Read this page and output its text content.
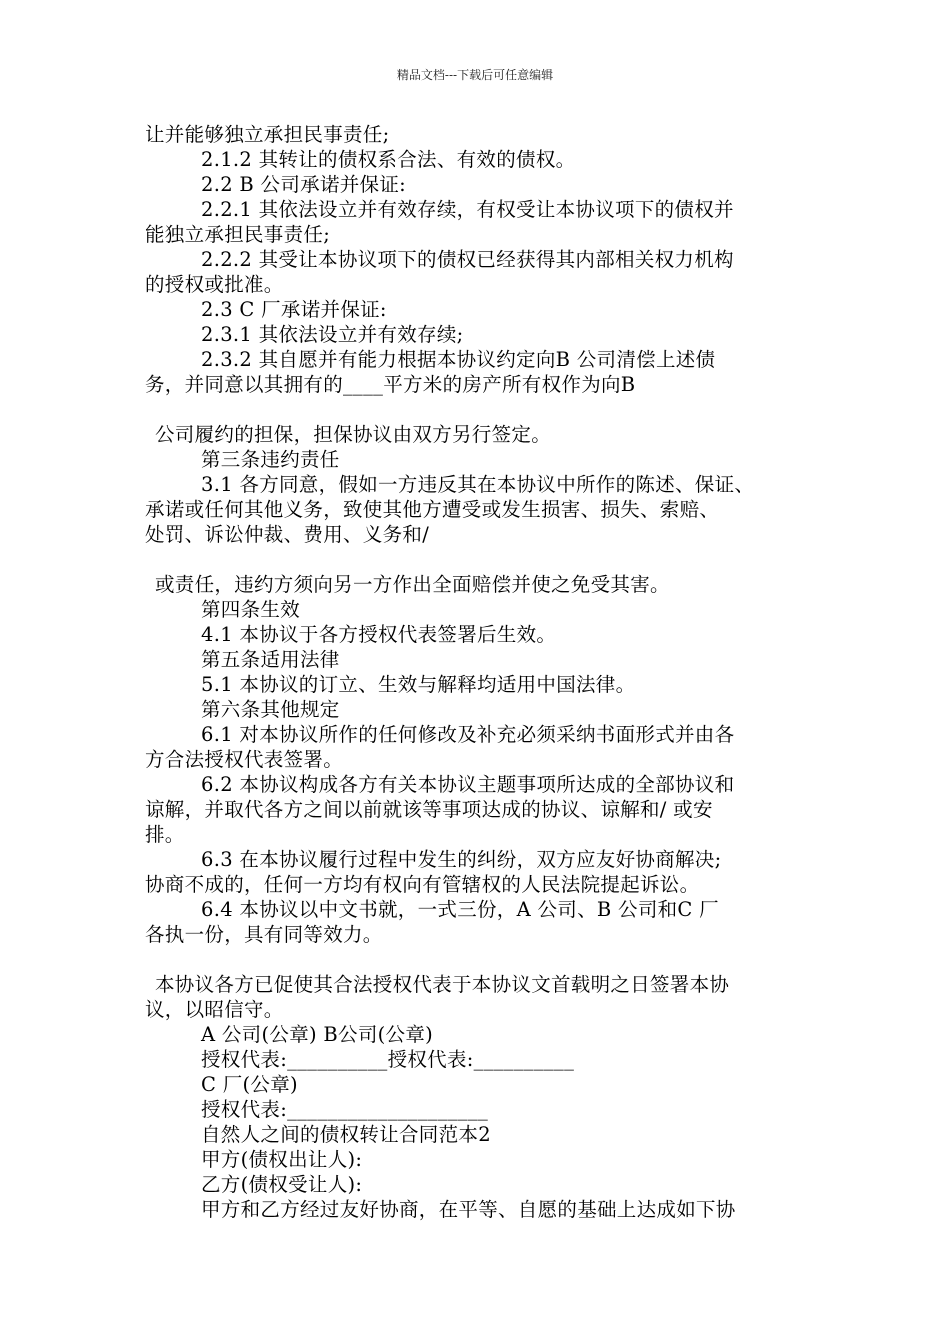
精品文档---下载后可任意编辑
让并能够独立承担民事责任;
2.1.2 其转让的债权系合法、有效的债权。
2.2 B 公司承诺并保证:
2.2.1 其依法设立并有效存续，有权受让本协议项下的债权并
能独立承担民事责任;
2.2.2 其受让本协议项下的债权已经获得其内部相关权力机构
的授权或批准。
2.3 C 厂承诺并保证:
2.3.1 其依法设立并有效存续;
2.3.2 其自愿并有能力根据本协议约定向B 公司清偿上述债
务，并同意以其拥有的____平方米的房产所有权作为向B
公司履约的担保，担保协议由双方另行签定。
第三条违约责任
3.1 各方同意，假如一方违反其在本协议中所作的陈述、保证、
承诺或任何其他义务，致使其他方遭受或发生损害、损失、索赔、
处罚、诉讼仲裁、费用、义务和/
或责任，违约方须向另一方作出全面赔偿并使之免受其害。
第四条生效
4.1 本协议于各方授权代表签署后生效。
第五条适用法律
5.1 本协议的订立、生效与解释均适用中国法律。
第六条其他规定
6.1 对本协议所作的任何修改及补充必须采纳书面形式并由各
方合法授权代表签署。
6.2 本协议构成各方有关本协议主题事项所达成的全部协议和
谅解，并取代各方之间以前就该等事项达成的协议、谅解和/ 或安
排。
6.3 在本协议履行过程中发生的纠纷，双方应友好协商解决;
协商不成的，任何一方均有权向有管辖权的人民法院提起诉讼。
6.4 本协议以中文书就，一式三份，A 公司、B 公司和C 厂
各执一份，具有同等效力。
本协议各方已促使其合法授权代表于本协议文首载明之日签署本协
议，以昭信守。
A 公司(公章) B公司(公章)
授权代表:__________授权代表:__________
C 厂(公章)
授权代表:____________________
自然人之间的债权转让合同范本2
甲方(债权出让人):
乙方(债权受让人):
甲方和乙方经过友好协商，在平等、自愿的基础上达成如下协
